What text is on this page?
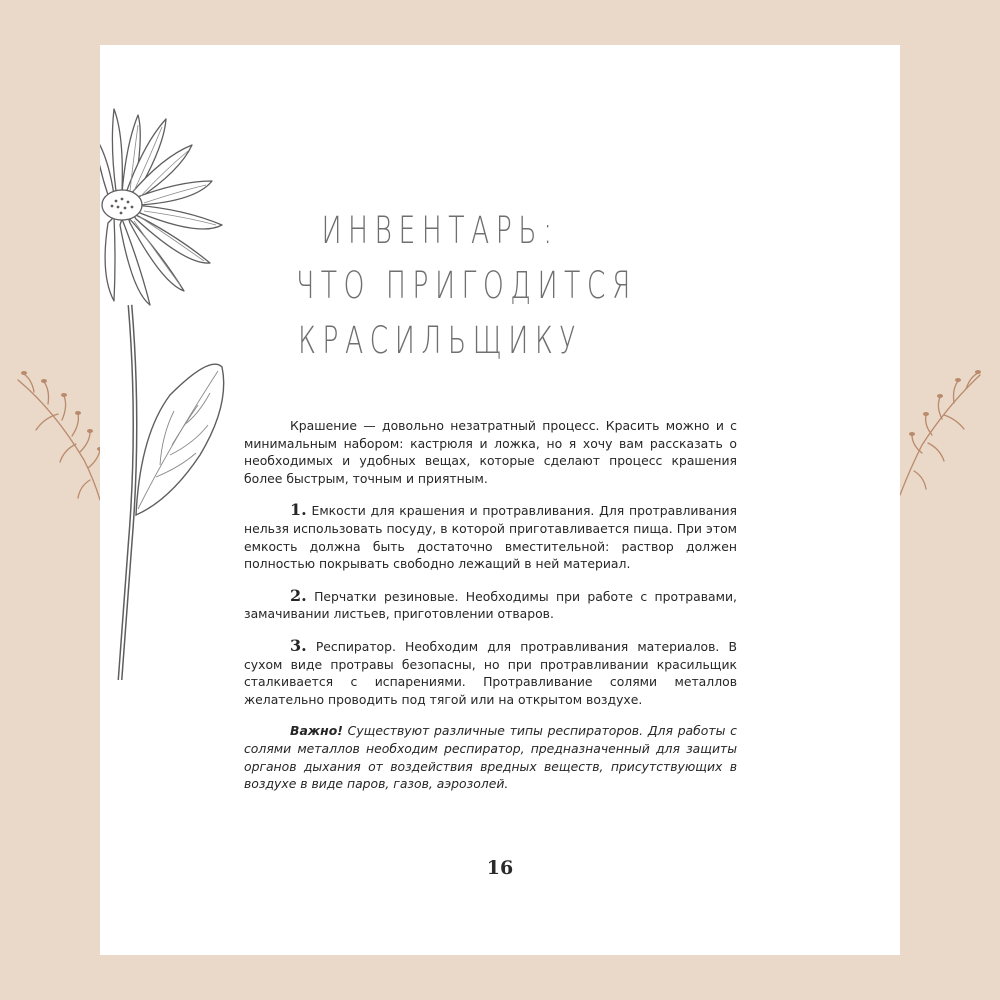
ИНВЕНТАРЬ:
ЧТО ПРИГОДИТСЯ
КРАСИЛЬЩИКУ

Крашение — довольно незатратный процесс. Красить можно и с минимальным набором: кастрюля и ложка, но я хочу вам рассказать о необходимых и удобных вещах, которые сделают процесс крашения более быстрым, точным и приятным.

1. Емкости для крашения и протравливания. Для протравливания нельзя использовать посуду, в которой приготавливается пища. При этом емкость должна быть достаточно вместительной: раствор должен полностью покрывать свободно лежащий в ней материал.

2. Перчатки резиновые. Необходимы при работе с протравами, замачивании листьев, приготовлении отваров.

3. Респиратор. Необходим для протравливания материалов. В сухом виде протравы безопасны, но при протравливании красильщик сталкивается с испарениями. Протравливание солями металлов желательно проводить под тягой или на открытом воздухе.

Важно! Существуют различные типы респираторов. Для работы с солями металлов необходим респиратор, предназначенный для защиты органов дыхания от воздействия вредных веществ, присутствующих в воздухе в виде паров, газов, аэрозолей.

16
